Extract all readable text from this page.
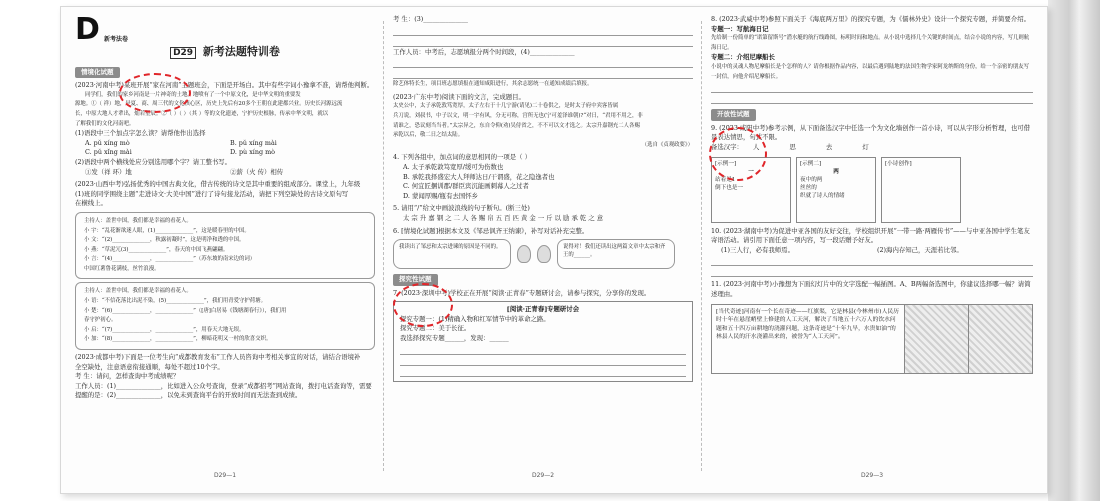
D 新考法卷
D29 新考法题特训卷
情境化试题
(2023·河南中考)某班开展“家在河南”主题班会，下面是开场白。其中有些字词小豫拿不准，请帮他判断。
同学们，我们的家乡河南是一片神奇的土地。地喷有了一个中原文化，是中华文明的重要发
源地。①（ 祥）地，是夏、商、周三代的文化核心区，历史上先后有20多个王朝在此建都兴业。历史长河源远流
长，中原大地人才辈出，灿若星辰。②（ ）（ ）（其 ）等的文化遗迹，宁护历史根脉，传承中华文明，就以
了解我们的文化河南吧。
(1)语段中三个加点字怎么读？请帮他作出选择
A. pǔ xíng mò	B. pǔ xíng mài
C. pǔ xǐng mài	D. pù xíng mò
(2)语段中两个横线处应分别选用哪个字？请工整书写。
①发（祥 环）地	②薪（火 传）相传
(2023·山西中考)弘扬优秀的中国古典文化，借古传统的诗文是其中重要的组成部分。课堂上，九年级
(1)班的同学围绕主题“走进诗文·大美中国”进行了诗句接龙活动，请把下列空缺处的古诗文原句写
在横线上。
主持人：盖世中国，我们都是幸福的看花人。
小 宇：“乱花渐欲迷人眼，(1)______________”，这是暖春里的中国。
小 文：“(2)______________，秋露初凝时”，这是明净和透的中国。
小 燕：“草泥冗(3)______________”，春天的中国飞燕翩翩。
小 言：“(4)______________，______________”（苏东坡的南宋边的词）
中国红薯鲁花满枝，丝竹浪漫。
主持人：盖世中国，我们都是幸福的看花人。
小 语：“不信花落比出泥不染，(5)______________”，我们用青爱守护荷塘。
小 楚：“(6)______________，______________”（[唐]白居易《钱塘湖春行》），我们用
春守护初心。
小 启：“(7)______________，______________”，用春天大地无垠。
小 加：“(8)______________，______________”，柳暗花明又一村的欣喜交织。
(2023·成都中考)下面是一位考生向“成都教育发布”工作人员咨询中考相关事宜的对话，请结合语境补
全空缺处，注意语意衔接通顺，每处不超过10个字。
考 生：请问，怎样查询中考成绩呢？
工作人员：(1)______________，比如进入公众号查询，登录“成都招考”网站查询，拨打电话查询等，需要提醒的是：(2)______________，以免未到查询平台的开放时间而无法查到成绩。
D29—1
考 生：(3)______________
工作人员：中考后，志愿填报分两个时间段，(4)______________
除艺体特长生，项目班志愿填报在通知咸阳进行，其余志愿统一在通知成绩后填报。
(2023·广东中考)阅读下面的文言，完成题目。
太史公中，太子承乾敦笃宽厚，太子左右于十几宁游(请见)二十卷供之，是时太子府中宾客皆属
兵刀说，刘叔书，中子以文，明一宇有风，分无可称，宫所无也(宁可羞泽谁朝)?“对日，“君用不用之，非
请谁之，恐议刻当当者。”太宗异之，东自令仰(劝)吴侍省之，不不可以文才选之。太宗升嘉钢充二人各赐
承乾以后，敬二日之结太陆。
（选自《贞观政要》）
4. 下列各组中，加点词的意思相同的一项是（ ）
A. 太子承乾敦笃宽厚/缓可为伤数也
B. 承乾我择盛宏大人拜师达日/干谓盛，花之隐逸者也
C. 何宜匠捆训郡/群臣宾沉能画刺幕人之过者
D. 蒙闻厚赐/瓶有去国怀乡
5. 请用“/”给文中画波浪线的句子断句。(断三处)
太 宗 升 嘉 钢 之 二 人 各 赐 帛 五 百 匹 黄 金 一 斤 以 励 承 乾 之 意
6. [情境化试题]根据本文及《邹忌讽齐王纳谏》，补写对话补充完整。
我读出了邹忌和太宗进谏的原因是不同的。	说得对！我们还读出这两篇文章中太宗和齐王的______。
探究性试题
7. (2023·深圳中考)学校正在开展“阅读·正青春”专题研讨会，请参与探究，分享你的发现。
[阅读·正青春]专题研讨会
探究专题一：(1)精确入物和红军情节中的革命之路。
探究专题二：美于长征。
我选择探究专题______，发现：______
D29—2
8. (2023·武威中考)参照下面关于《海底两万里》的探究专题，为《儒林外史》设计一个探究专题，并简要介绍。
专题一：写航海日记
先给制一份简单的“诺第留斯号”潜水艇的航行线路图，标明时间和地点。从小说中选择几个关键的时间点，结合小说的内容，写几则航海日记。
专题二：介绍尼摩船长
小说中的灵魂人物尼摩船长是个怎样的人？请你根据作品内容，以最后遇到陆地的法国生物学家阿龙纳斯的身份，给一个亲密的朋友写一封信，向他介绍尼摩船长。
开放性试题
9. (2023·咸阳中考)参考示例，从下面备选汉字中任选一个为文化墙创作一首小诗，可以从字形分析哲理，也可借景表达情思，句式不限。
备选汉字： 人	思	去	灯
[示例一]
一
站着是1
倒下也是一
[示例二]
两
夜中的两
丝丝的
织就了诗人的情绪
[小诗创作]
10. (2023·湖南中考)为促进中亚各国的友好交往，学校组织开展“一带一路·两雁传书”——与中亚各国中学生笔友寄语活动。请引用下面任意一项内容，写一段话赠予好友。
(1)三人行，必有我师焉。	(2)海内存知己，天涯若比邻。
11. (2023·河南中考)小豫想为下面幻灯片中的文字选配一幅插图。A、B两幅备选图中，你建议选择哪一幅？请简述理由。
[当代奇迹]河南有一个长在奇迹——红旗渠，它是林县(今林州市)人民历时十年在悬崖峭壁上修建的人工天河，解决了当地五十六万人的饮水问题和五十四万亩耕地的浇灌问题，这条奇迹是“十年九旱，水贵如油”的林县人民的汗水浇灌出来的，被誉为“人工天河”。
D29—3
